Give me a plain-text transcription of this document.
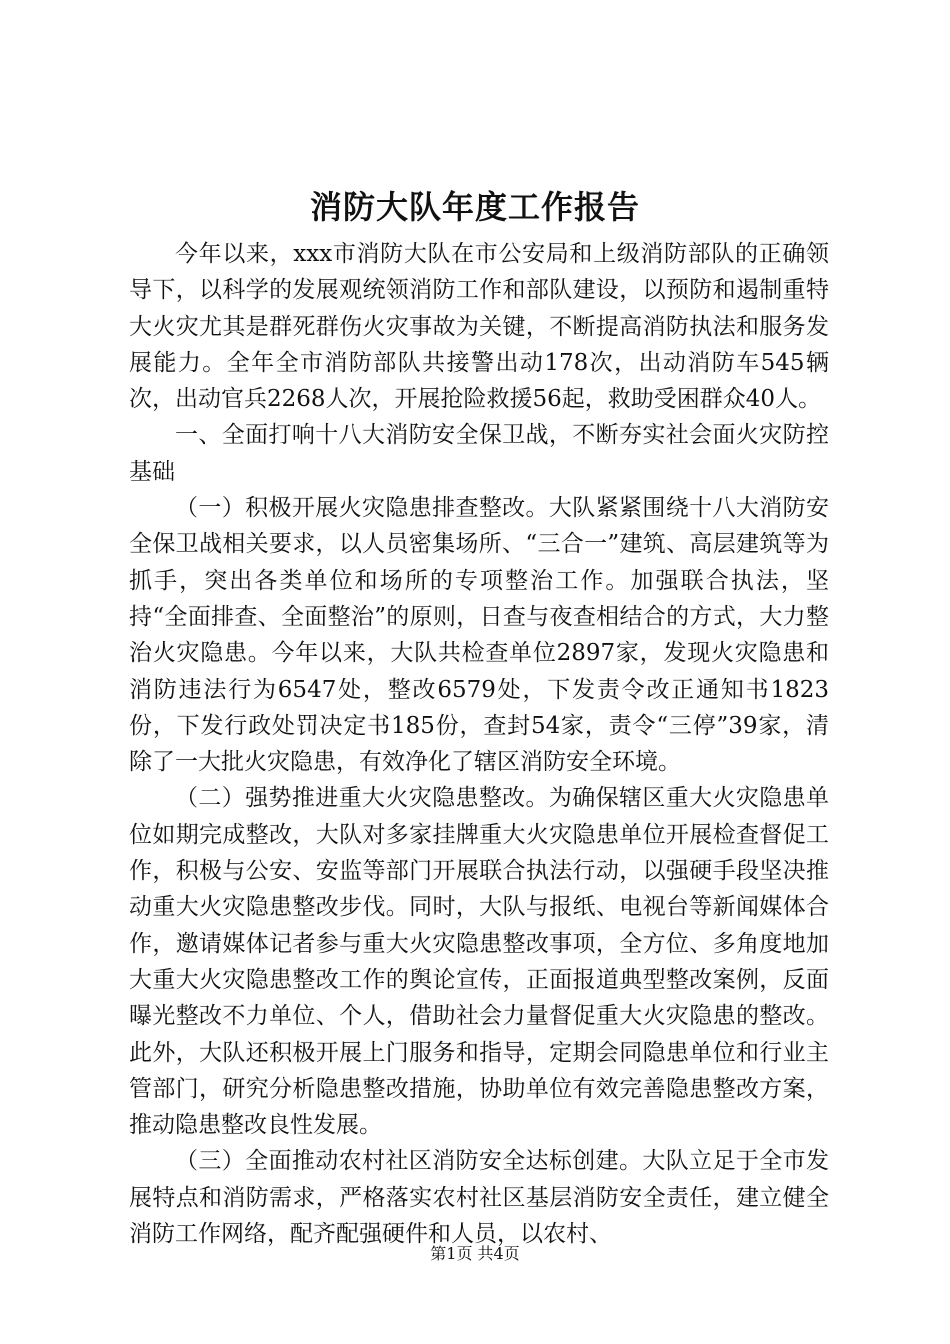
消防大队年度工作报告

今年以来，xxx市消防大队在市公安局和上级消防部队的正确领导下，以科学的发展观统领消防工作和部队建设，以预防和遏制重特大火灾尤其是群死群伤火灾事故为关键，不断提高消防执法和服务发展能力。全年全市消防部队共接警出动178次，出动消防车545辆次，出动官兵2268人次，开展抢险救援56起，救助受困群众40人。

一、全面打响十八大消防安全保卫战，不断夯实社会面火灾防控基础

（一）积极开展火灾隐患排查整改。大队紧紧围绕十八大消防安全保卫战相关要求，以人员密集场所、“三合一”建筑、高层建筑等为抓手，突出各类单位和场所的专项整治工作。加强联合执法，坚持“全面排查、全面整治”的原则，日查与夜查相结合的方式，大力整治火灾隐患。今年以来，大队共检查单位2897家，发现火灾隐患和消防违法行为6547处，整改6579处，下发责令改正通知书1823份，下发行政处罚决定书185份，查封54家，责令“三停”39家，清除了一大批火灾隐患，有效净化了辖区消防安全环境。

（二）强势推进重大火灾隐患整改。为确保辖区重大火灾隐患单位如期完成整改，大队对多家挂牌重大火灾隐患单位开展检查督促工作，积极与公安、安监等部门开展联合执法行动，以强硬手段坚决推动重大火灾隐患整改步伐。同时，大队与报纸、电视台等新闻媒体合作，邀请媒体记者参与重大火灾隐患整改事项，全方位、多角度地加大重大火灾隐患整改工作的舆论宣传，正面报道典型整改案例，反面曝光整改不力单位、个人，借助社会力量督促重大火灾隐患的整改。此外，大队还积极开展上门服务和指导，定期会同隐患单位和行业主管部门，研究分析隐患整改措施，协助单位有效完善隐患整改方案，推动隐患整改良性发展。

（三）全面推动农村社区消防安全达标创建。大队立足于全市发展特点和消防需求，严格落实农村社区基层消防安全责任，建立健全消防工作网络，配齐配强硬件和人员，以农村、

第1页 共4页
